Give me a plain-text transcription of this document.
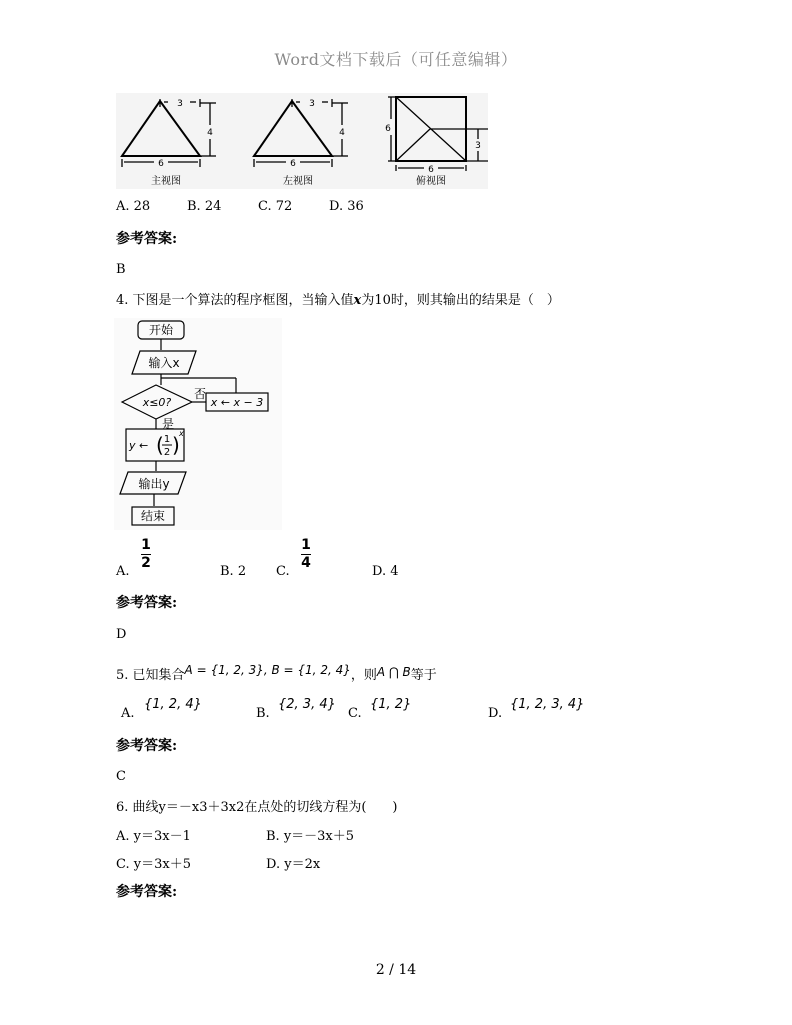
Word文档下载后（可任意编辑）
3
4
6
主视图
3
4
6
左视图
6
3
6
俯视图
A. 28	B. 24	C. 72	D. 36
参考答案:
B
4. 下图是一个算法的程序框图，当输入值x为10时，则其输出的结果是（　）
开始
输入x
x≤0?
否
是
x ← x − 3
y ← 1
2
( ) x
输出y
结束
A.
1
2
B. 2 C.
1
4
D. 4
参考答案:
D
5. 已知集合A = {1, 2, 3}, B = {1, 2, 4}，则A ⋂ B等于
A.
{1, 2, 4}
B.
{2, 3, 4}
C.
{1, 2}
D.
{1, 2, 3, 4}
参考答案:
C
6. 曲线y＝－x3＋3x2在点处的切线方程为(　　)
A. y＝3x－1	B. y＝－3x＋5
C. y＝3x＋5	D. y＝2x
参考答案:
2 / 14
